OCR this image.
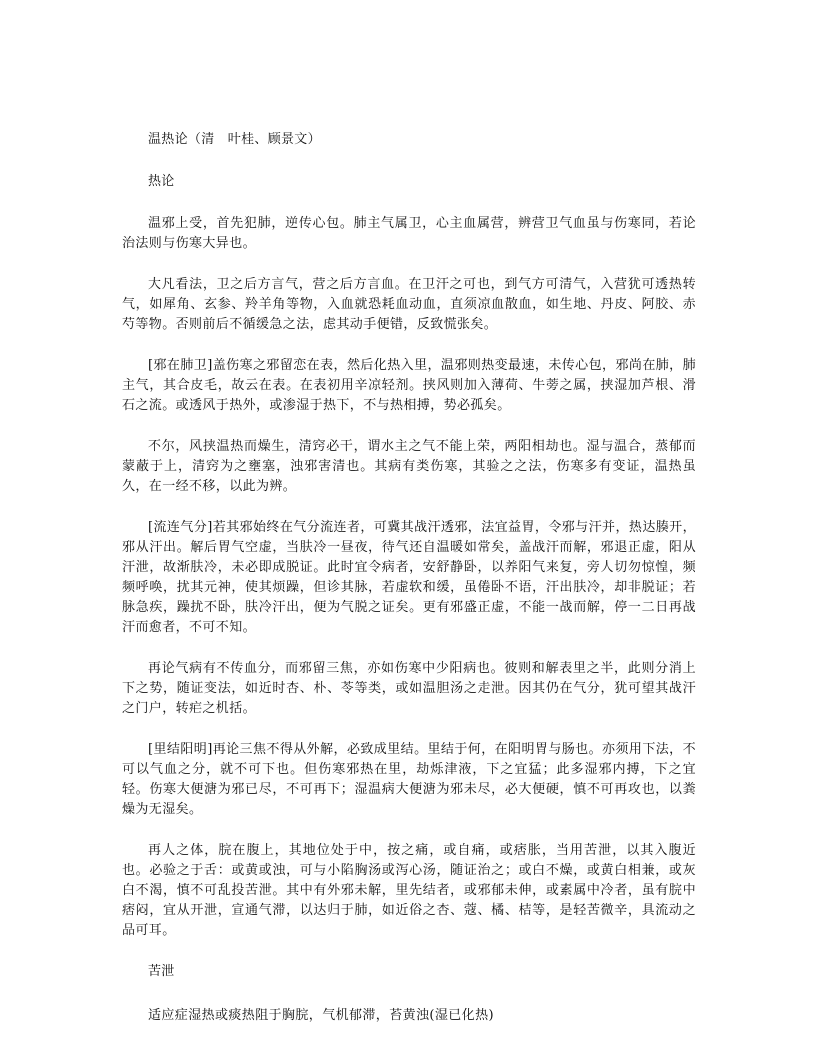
温热论（清　叶桂、顾景文）

热论

温邪上受，首先犯肺，逆传心包。肺主气属卫，心主血属营，辨营卫气血虽与伤寒同，若论治法则与伤寒大异也。

大凡看法，卫之后方言气，营之后方言血。在卫汗之可也，到气方可清气，入营犹可透热转气，如犀角、玄参、羚羊角等物，入血就恐耗血动血，直须凉血散血，如生地、丹皮、阿胶、赤芍等物。否则前后不循缓急之法，虑其动手便错，反致慌张矣。

[邪在肺卫]盖伤寒之邪留恋在表，然后化热入里，温邪则热变最速，未传心包，邪尚在肺，肺主气，其合皮毛，故云在表。在表初用辛凉轻剂。挟风则加入薄荷、牛蒡之属，挟湿加芦根、滑石之流。或透风于热外，或渗湿于热下，不与热相搏，势必孤矣。

不尔，风挟温热而燥生，清窍必干，谓水主之气不能上荣，两阳相劫也。湿与温合，蒸郁而蒙蔽于上，清窍为之壅塞，浊邪害清也。其病有类伤寒，其验之之法，伤寒多有变证，温热虽久，在一经不移，以此为辨。

[流连气分]若其邪始终在气分流连者，可冀其战汗透邪，法宜益胃，令邪与汗并，热达腠开，邪从汗出。解后胃气空虚，当肤冷一昼夜，待气还自温暖如常矣，盖战汗而解，邪退正虚，阳从汗泄，故渐肤冷，未必即成脱证。此时宜令病者，安舒静卧，以养阳气来复，旁人切勿惊惶，频频呼唤，扰其元神，使其烦躁，但诊其脉，若虚软和缓，虽倦卧不语，汗出肤冷，却非脱证；若脉急疾，躁扰不卧，肤冷汗出，便为气脱之证矣。更有邪盛正虚，不能一战而解，停一二日再战汗而愈者，不可不知。

再论气病有不传血分，而邪留三焦，亦如伤寒中少阳病也。彼则和解表里之半，此则分消上下之势，随证变法，如近时杏、朴、苓等类，或如温胆汤之走泄。因其仍在气分，犹可望其战汗之门户，转疟之机括。

[里结阳明]再论三焦不得从外解，必致成里结。里结于何，在阳明胃与肠也。亦须用下法，不可以气血之分，就不可下也。但伤寒邪热在里，劫烁津液，下之宜猛；此多湿邪内搏，下之宜轻。伤寒大便溏为邪已尽，不可再下；湿温病大便溏为邪未尽，必大便硬，慎不可再攻也，以粪燥为无湿矣。

再人之体，脘在腹上，其地位处于中，按之痛，或自痛，或痞胀，当用苦泄，以其入腹近也。必验之于舌：或黄或浊，可与小陷胸汤或泻心汤，随证治之；或白不燥，或黄白相兼，或灰白不渴，慎不可乱投苦泄。其中有外邪未解，里先结者，或邪郁未伸，或素属中冷者，虽有脘中痞闷，宜从开泄，宣通气滞，以达归于肺，如近俗之杏、蔻、橘、桔等，是轻苦微辛，具流动之品可耳。

苦泄

适应症湿热或痰热阻于胸脘，气机郁滞，苔黄浊(湿已化热)
